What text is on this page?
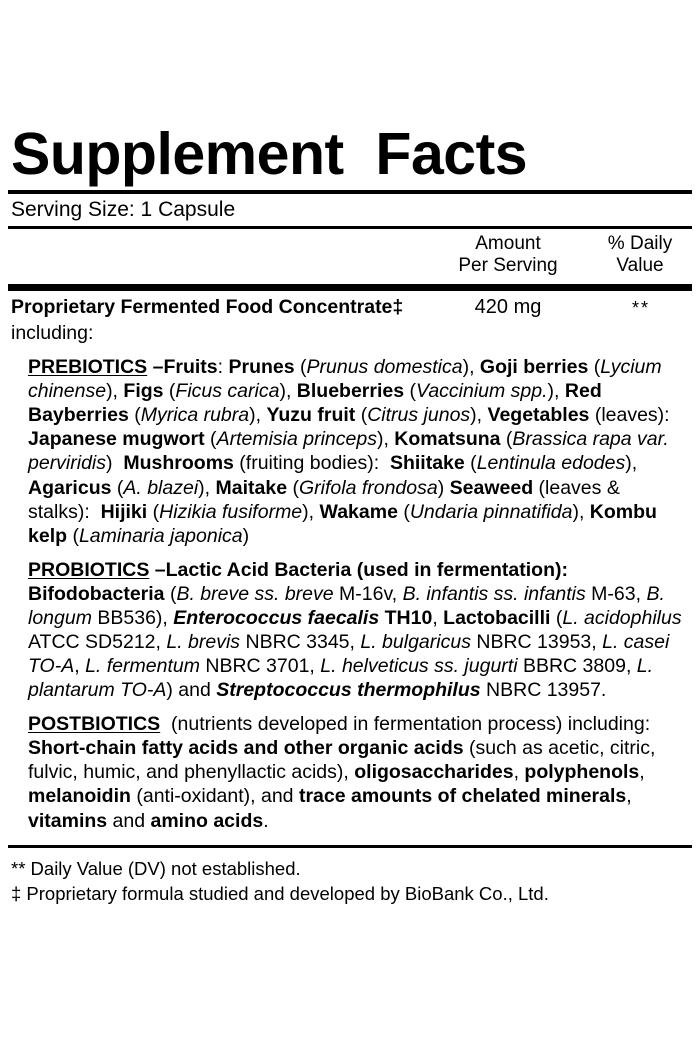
Supplement  Facts
Serving Size: 1 Capsule
Amount
Per Serving
% Daily
Value
Proprietary Fermented Food Concentrate‡	420 mg	**
including:

PREBIOTICS –Fruits: Prunes (Prunus domestica), Goji berries (Lycium chinense), Figs (Ficus carica), Blueberries (Vaccinium spp.), Red Bayberries (Myrica rubra), Yuzu fruit (Citrus junos), Vegetables (leaves): Japanese mugwort (Artemisia princeps), Komatsuna (Brassica rapa var. perviridis)  Mushrooms (fruiting bodies):  Shiitake (Lentinula edodes), Agaricus (A. blazei), Maitake (Grifola frondosa) Seaweed (leaves & stalks):  Hijiki (Hizikia fusiforme), Wakame (Undaria pinnatifida), Kombu kelp (Laminaria japonica)

PROBIOTICS –Lactic Acid Bacteria (used in fermentation): Bifodobacteria (B. breve ss. breve M-16v, B. infantis ss. infantis M-63, B. longum BB536), Enterococcus faecalis TH10, Lactobacilli (L. acidophilus ATCC SD5212, L. brevis NBRC 3345, L. bulgaricus NBRC 13953, L. casei TO-A, L. fermentum NBRC 3701, L. helveticus ss. jugurti BBRC 3809, L. plantarum TO-A) and Streptococcus thermophilus NBRC 13957.

POSTBIOTICS  (nutrients developed in fermentation process) including: Short-chain fatty acids and other organic acids (such as acetic, citric, fulvic, humic, and phenyllactic acids), oligosaccharides, polyphenols, melanoidin (anti-oxidant), and trace amounts of chelated minerals, vitamins and amino acids.

** Daily Value (DV) not established.

‡ Proprietary formula studied and developed by BioBank Co., Ltd.
